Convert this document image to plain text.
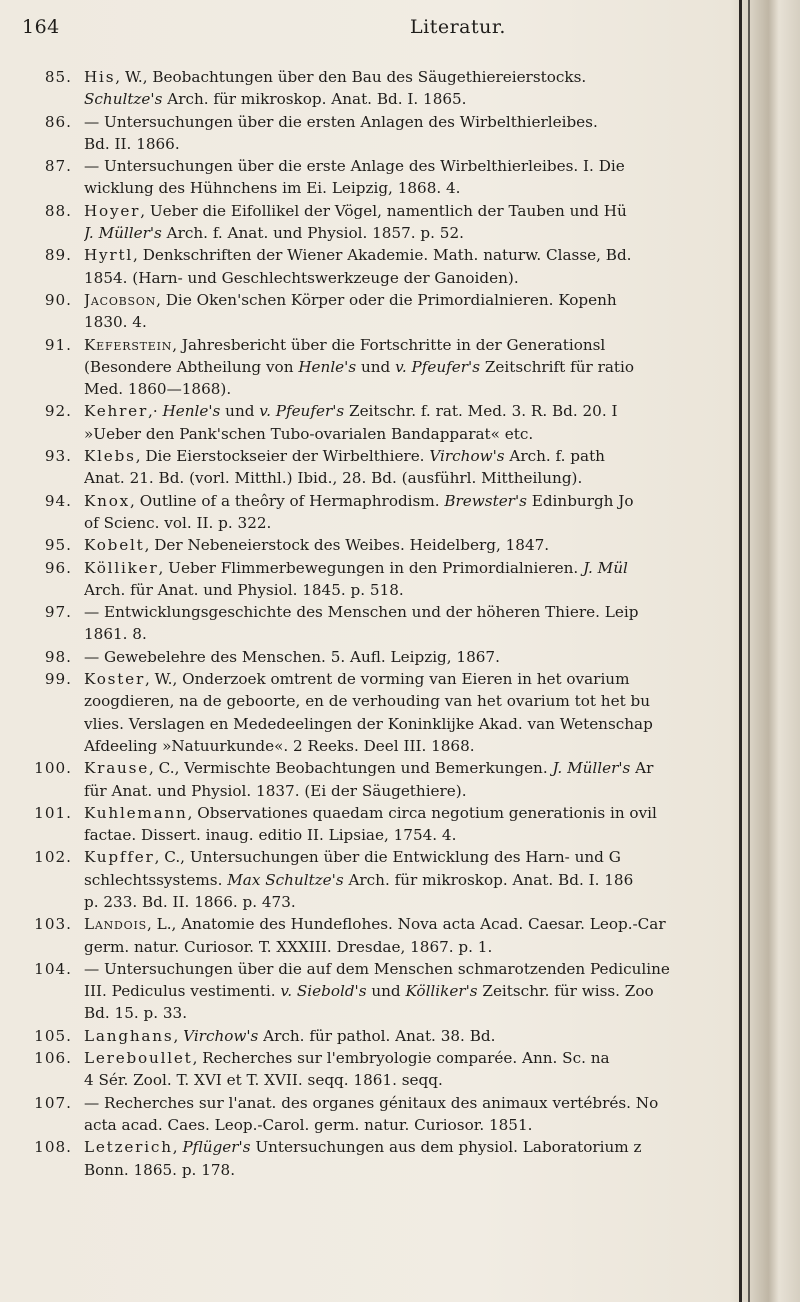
164	Literatur.
85. His, W., Beobachtungen über den Bau des Säugethiereierstocks.
Schultze's Arch. für mikroskop. Anat. Bd. I. 1865.
86. — Untersuchungen über die ersten Anlagen des Wirbelthierleibes.
Bd. II. 1866.
87. — Untersuchungen über die erste Anlage des Wirbelthierleibes. I. Die
wicklung des Hühnchens im Ei. Leipzig, 1868. 4.
88. Hoyer, Ueber die Eifollikel der Vögel, namentlich der Tauben und Hü
J. Müller's Arch. f. Anat. und Physiol. 1857. p. 52.
89. Hyrtl, Denkschriften der Wiener Akademie. Math. naturw. Classe, Bd.
1854. (Harn- und Geschlechtswerkzeuge der Ganoiden).
90. Jacobson, Die Oken'schen Körper oder die Primordialnieren. Kopenh
1830. 4.
91. Keferstein, Jahresbericht über die Fortschritte in der Generationsl
(Besondere Abtheilung von Henle's und v. Pfeufer's Zeitschrift für ratio
Med. 1860—1868).
92. Kehrer,· Henle's und v. Pfeufer's Zeitschr. f. rat. Med. 3. R. Bd. 20. I
»Ueber den Pank'schen Tubo-ovarialen Bandapparat« etc.
93. Klebs, Die Eierstockseier der Wirbelthiere. Virchow's Arch. f. path
Anat. 21. Bd. (vorl. Mitthl.) Ibid., 28. Bd. (ausführl. Mittheilung).
94. Knox, Outline of a theôry of Hermaphrodism. Brewster's Edinburgh Jo
of Scienc. vol. II. p. 322.
95. Kobelt, Der Nebeneierstock des Weibes. Heidelberg, 1847.
96. Kölliker, Ueber Flimmerbewegungen in den Primordialnieren. J. Mül
Arch. für Anat. und Physiol. 1845. p. 518.
97. — Entwicklungsgeschichte des Menschen und der höheren Thiere. Leip
1861. 8.
98. — Gewebelehre des Menschen. 5. Aufl. Leipzig, 1867.
99. Koster, W., Onderzoek omtrent de vorming van Eieren in het ovarium
zoogdieren, na de geboorte, en de verhouding van het ovarium tot het bu
vlies. Verslagen en Mededeelingen der Koninklijke Akad. van Wetenschap
Afdeeling »Natuurkunde«. 2 Reeks. Deel III. 1868.
100. Krause, C., Vermischte Beobachtungen und Bemerkungen. J. Müller's Ar
für Anat. und Physiol. 1837. (Ei der Säugethiere).
101. Kuhlemann, Observationes quaedam circa negotium generationis in ovil
factae. Dissert. inaug. editio II. Lipsiae, 1754. 4.
102. Kupffer, C., Untersuchungen über die Entwicklung des Harn- und G
schlechtssystems. Max Schultze's Arch. für mikroskop. Anat. Bd. I. 186
p. 233. Bd. II. 1866. p. 473.
103. Landois, L., Anatomie des Hundeflohes. Nova acta Acad. Caesar. Leop.-Car
germ. natur. Curiosor. T. XXXIII. Dresdae, 1867. p. 1.
104. — Untersuchungen über die auf dem Menschen schmarotzenden Pediculine
III. Pediculus vestimenti. v. Siebold's und Kölliker's Zeitschr. für wiss. Zoo
Bd. 15. p. 33.
105. Langhans, Virchow's Arch. für pathol. Anat. 38. Bd.
106. Lereboullet, Recherches sur l'embryologie comparée. Ann. Sc. na
4 Sér. Zool. T. XVI et T. XVII. seqq. 1861. seqq.
107. — Recherches sur l'anat. des organes génitaux des animaux vertébrés. No
acta acad. Caes. Leop.-Carol. germ. natur. Curiosor. 1851.
108. Letzerich, Pflüger's Untersuchungen aus dem physiol. Laboratorium z
Bonn. 1865. p. 178.
